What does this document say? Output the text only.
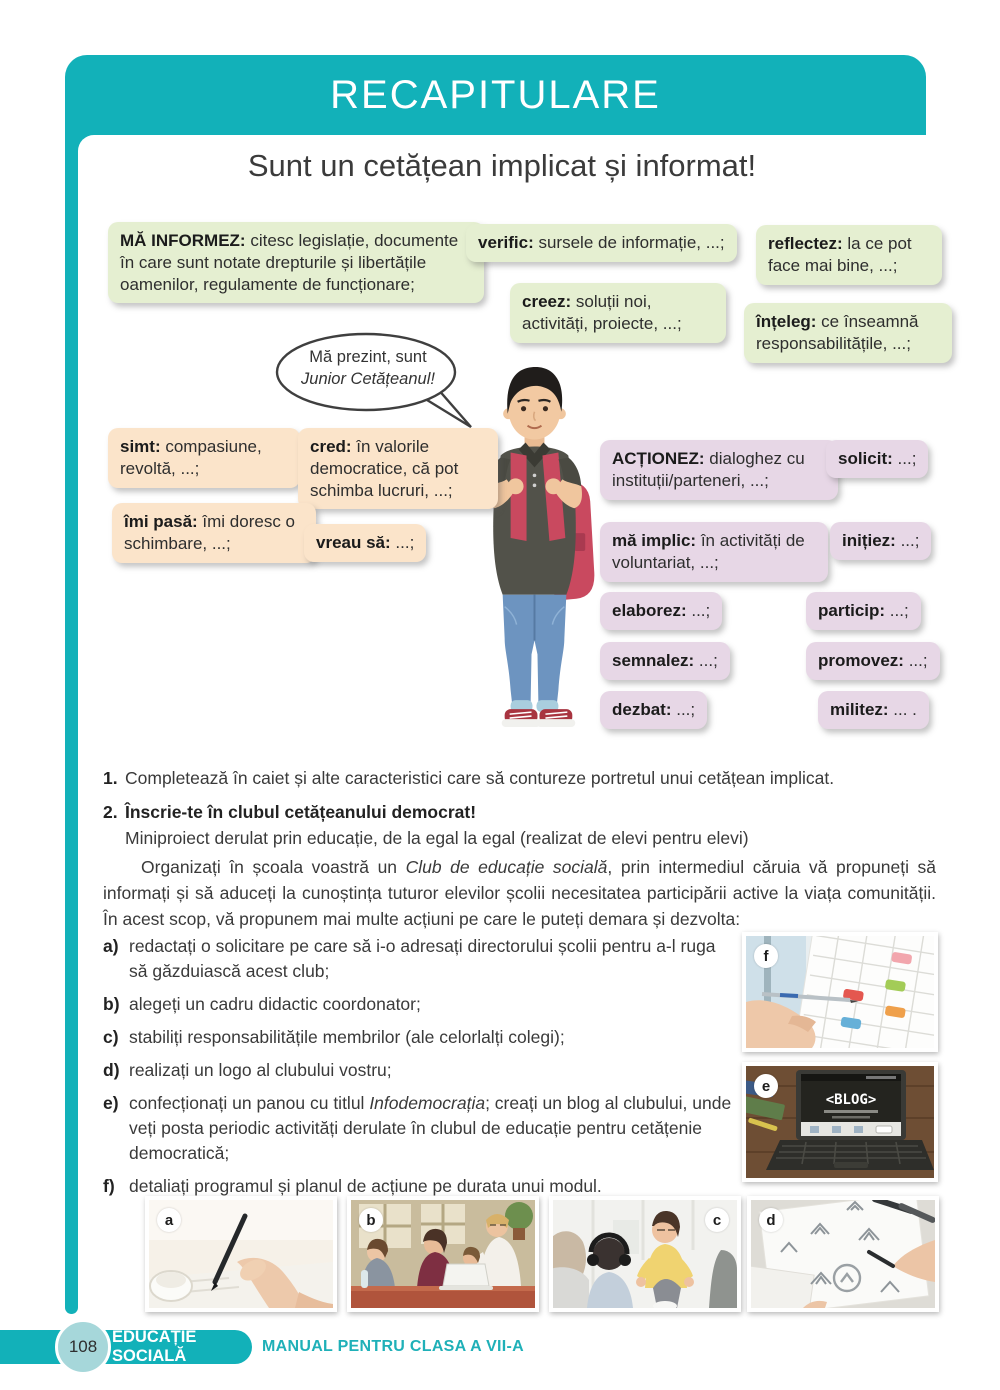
RECAPITULARE
Sunt un cetățean implicat și informat!
MĂ INFORMEZ: citesc legislație, documente în care sunt notate drepturile și libertățile oamenilor, regulamente de funcționare;
verific: sursele de informație, ...;
creez: soluții noi, activități, proiecte, ...;
reflectez: la ce pot face mai bine, ...;
înțeleg: ce înseamnă responsabilitățile, ...;
Mă prezint, sunt
Junior Cetățeanul!
simt: compasiune, revoltă, ...;
cred: în valorile democratice, că pot schimba lucruri, ...;
îmi pasă: îmi doresc o schimbare, ...;	vreau să: ...;
ACȚIONEZ: dialoghez cu instituții/parteneri, ...;
mă implic: în activități de voluntariat, ...;
elaborez: ...;
semnalez: ...;
dezbat: ...;
solicit: ...;
inițiez: ...;
particip: ...;
promovez: ...;
militez: ... .
1. Completează în caiet și alte caracteristici care să contureze portretul unui cetățean implicat.
2. Înscrie-te în clubul cetățeanului democrat!
Miniproiect derulat prin educație, de la egal la egal (realizat de elevi pentru elevi)
Organizați în școala voastră un Club de educație socială, prin intermediul căruia vă propuneți să informați și să aduceți la cunoștința tuturor elevilor școlii necesitatea participării active la viața comunității. În acest scop, vă propunem mai multe acțiuni pe care le puteți demara și dezvolta:
a) redactați o solicitare pe care să i-o adresați directorului școlii pentru a-l ruga să găzduiască acest club;
b) alegeți un cadru didactic coordonator;
c) stabiliți responsabilitățile membrilor (ale celorlalți colegi);
d) realizați un logo al clubului vostru;
e) confecționați un panou cu titlul Infodemocrația; creați un blog al clubului, unde veți posta periodic activități derulate în clubul de educație pentru cetățenie democratică;
f) detaliați programul și planul de acțiune pe durata unui modul.
f
<BLOG>
e
a	b	c	d
EDUCAȚIE SOCIALĂ
108	MANUAL PENTRU CLASA A VII-A
